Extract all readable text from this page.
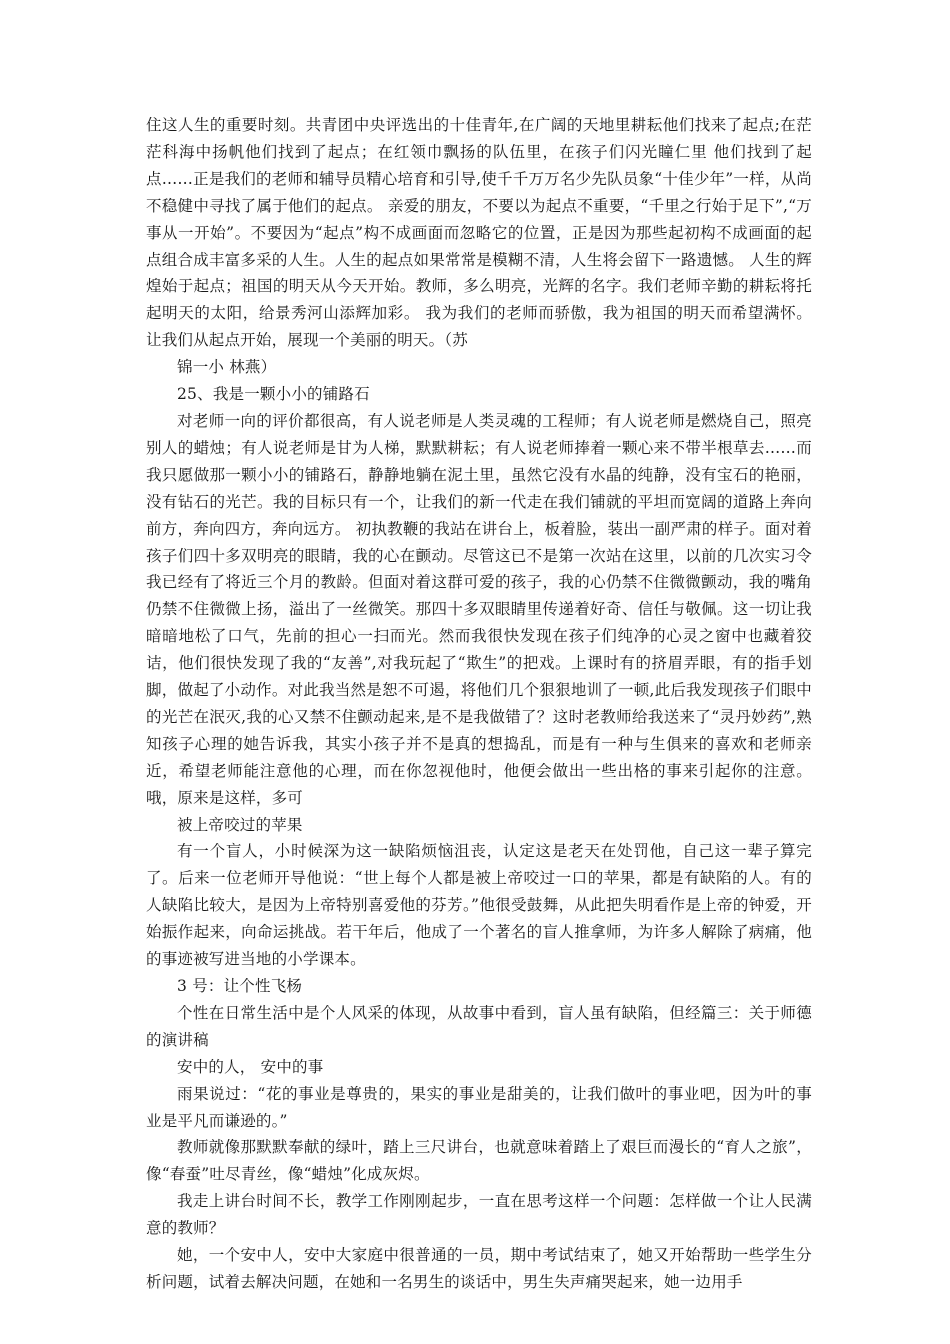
住这人生的重要时刻。共青团中央评选出的十佳青年,在广阔的天地里耕耘他们找来了起点;在茫茫科海中扬帆他们找到了起点；在红领巾飘扬的队伍里，在孩子们闪光瞳仁里 他们找到了起点……正是我们的老师和辅导员精心培育和引导,使千千万万名少先队员象“十佳少年”一样，从尚不稳健中寻找了属于他们的起点。 亲爱的朋友，不要以为起点不重要，“千里之行始于足下”,“万事从一开始”。不要因为“起点”构不成画面而忽略它的位置，正是因为那些起初构不成画面的起点组合成丰富多采的人生。人生的起点如果常常是模糊不清，人生将会留下一路遗憾。 人生的辉煌始于起点；祖国的明天从今天开始。教师，多么明亮，光辉的名字。我们老师辛勤的耕耘将托起明天的太阳，给景秀河山添辉加彩。 我为我们的老师而骄傲，我为祖国的明天而希望满怀。 让我们从起点开始，展现一个美丽的明天。（苏

锦一小 林燕）

25、我是一颗小小的铺路石

对老师一向的评价都很高，有人说老师是人类灵魂的工程师；有人说老师是燃烧自己，照亮别人的蜡烛；有人说老师是甘为人梯，默默耕耘；有人说老师捧着一颗心来不带半根草去……而我只愿做那一颗小小的铺路石，静静地躺在泥土里，虽然它没有水晶的纯静，没有宝石的艳丽，没有钻石的光芒。我的目标只有一个，让我们的新一代走在我们铺就的平坦而宽阔的道路上奔向前方，奔向四方，奔向远方。 初执教鞭的我站在讲台上，板着脸，装出一副严肃的样子。面对着孩子们四十多双明亮的眼睛，我的心在颤动。尽管这已不是第一次站在这里，以前的几次实习令我已经有了将近三个月的教龄。但面对着这群可爱的孩子，我的心仍禁不住微微颤动，我的嘴角仍禁不住微微上扬，溢出了一丝微笑。那四十多双眼睛里传递着好奇、信任与敬佩。这一切让我暗暗地松了口气，先前的担心一扫而光。然而我很快发现在孩子们纯净的心灵之窗中也藏着狡诘，他们很快发现了我的“友善”,对我玩起了“欺生”的把戏。上课时有的挤眉弄眼，有的指手划脚，做起了小动作。对此我当然是恕不可遏，将他们几个狠狠地训了一顿,此后我发现孩子们眼中的光芒在泯灭,我的心又禁不住颤动起来,是不是我做错了？这时老教师给我送来了“灵丹妙药”,熟知孩子心理的她告诉我，其实小孩子并不是真的想捣乱，而是有一种与生俱来的喜欢和老师亲近，希望老师能注意他的心理，而在你忽视他时，他便会做出一些出格的事来引起你的注意。 哦，原来是这样，多可

被上帝咬过的苹果

有一个盲人，小时候深为这一缺陷烦恼沮丧，认定这是老天在处罚他，自己这一辈子算完了。后来一位老师开导他说：“世上每个人都是被上帝咬过一口的苹果，都是有缺陷的人。有的人缺陷比较大，是因为上帝特别喜爱他的芬芳。”他很受鼓舞，从此把失明看作是上帝的钟爱，开始振作起来，向命运挑战。若干年后，他成了一个著名的盲人推拿师，为许多人解除了病痛，他的事迹被写进当地的小学课本。

3 号：让个性飞杨

个性在日常生活中是个人风采的体现，从故事中看到，盲人虽有缺陷，但经篇三：关于师德的演讲稿

安中的人， 安中的事

雨果说过：“花的事业是尊贵的，果实的事业是甜美的，让我们做叶的事业吧，因为叶的事业是平凡而谦逊的。”

教师就像那默默奉献的绿叶，踏上三尺讲台，也就意味着踏上了艰巨而漫长的“育人之旅”，像“春蚕”吐尽青丝，像“蜡烛”化成灰烬。

我走上讲台时间不长，教学工作刚刚起步，一直在思考这样一个问题：怎样做一个让人民满意的教师？

她，一个安中人，安中大家庭中很普通的一员，期中考试结束了，她又开始帮助一些学生分析问题，试着去解决问题，在她和一名男生的谈话中，男生失声痛哭起来，她一边用手
